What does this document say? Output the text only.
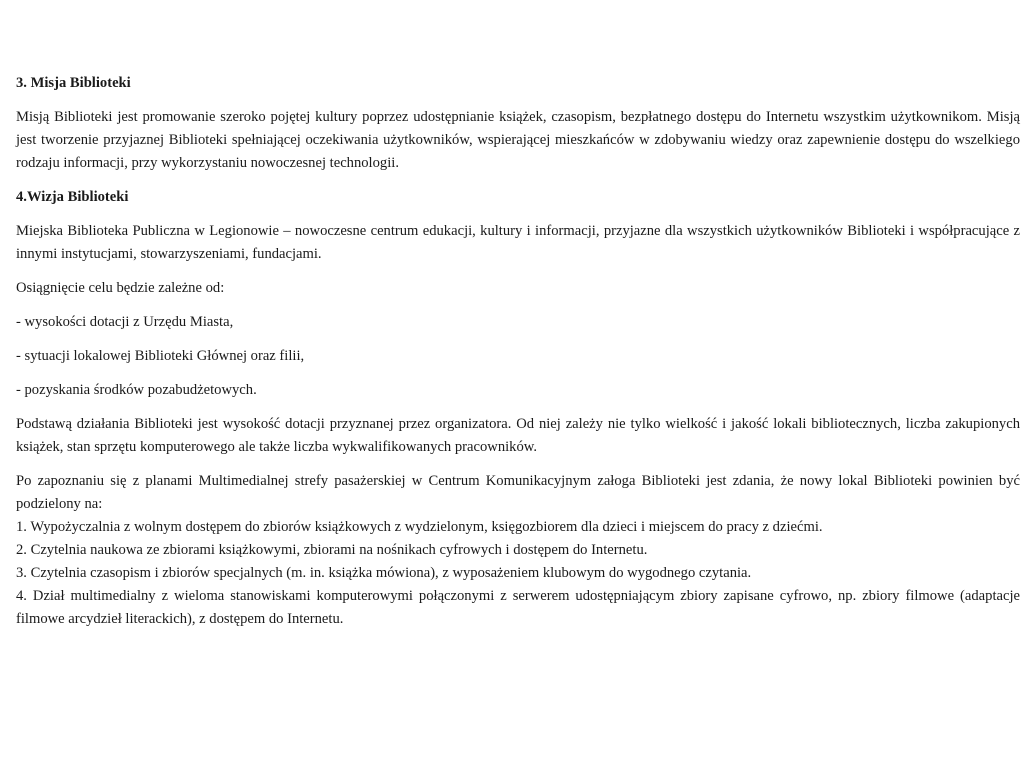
3. Misja Biblioteki

Misją Biblioteki jest promowanie szeroko pojętej kultury poprzez udostępnianie książek, czasopism, bezpłatnego dostępu do Internetu wszystkim użytkownikom. Misją jest tworzenie przyjaznej Biblioteki spełniającej oczekiwania użytkowników, wspierającej mieszkańców w zdobywaniu wiedzy oraz zapewnienie dostępu do wszelkiego rodzaju informacji, przy wykorzystaniu nowoczesnej technologii.

4.Wizja Biblioteki

Miejska Biblioteka Publiczna w Legionowie – nowoczesne centrum edukacji, kultury i informacji, przyjazne dla wszystkich użytkowników Biblioteki i współpracujące z innymi instytucjami, stowarzyszeniami, fundacjami.

Osiągnięcie celu będzie zależne od:

- wysokości dotacji z Urzędu Miasta,

- sytuacji lokalowej Biblioteki Głównej oraz filii,

- pozyskania środków pozabudżetowych.

Podstawą działania Biblioteki jest wysokość dotacji przyznanej przez organizatora. Od niej zależy nie tylko wielkość i jakość lokali bibliotecznych, liczba zakupionych książek, stan sprzętu komputerowego ale także liczba wykwalifikowanych pracowników.

Po zapoznaniu się z planami Multimedialnej strefy pasażerskiej w Centrum Komunikacyjnym załoga Biblioteki jest zdania, że nowy lokal Biblioteki powinien być podzielony na:

1. Wypożyczalnia z wolnym dostępem do zbiorów książkowych z wydzielonym, księgozbiorem dla dzieci i miejscem do pracy z dziećmi.

2. Czytelnia naukowa ze zbiorami książkowymi, zbiorami na nośnikach cyfrowych i dostępem do Internetu.

3. Czytelnia czasopism i zbiorów specjalnych (m. in. książka mówiona), z wyposażeniem klubowym do wygodnego czytania.

4. Dział multimedialny z wieloma stanowiskami komputerowymi połączonymi z serwerem udostępniającym zbiory zapisane cyfrowo, np. zbiory filmowe (adaptacje filmowe arcydzieł literackich), z dostępem do Internetu.
